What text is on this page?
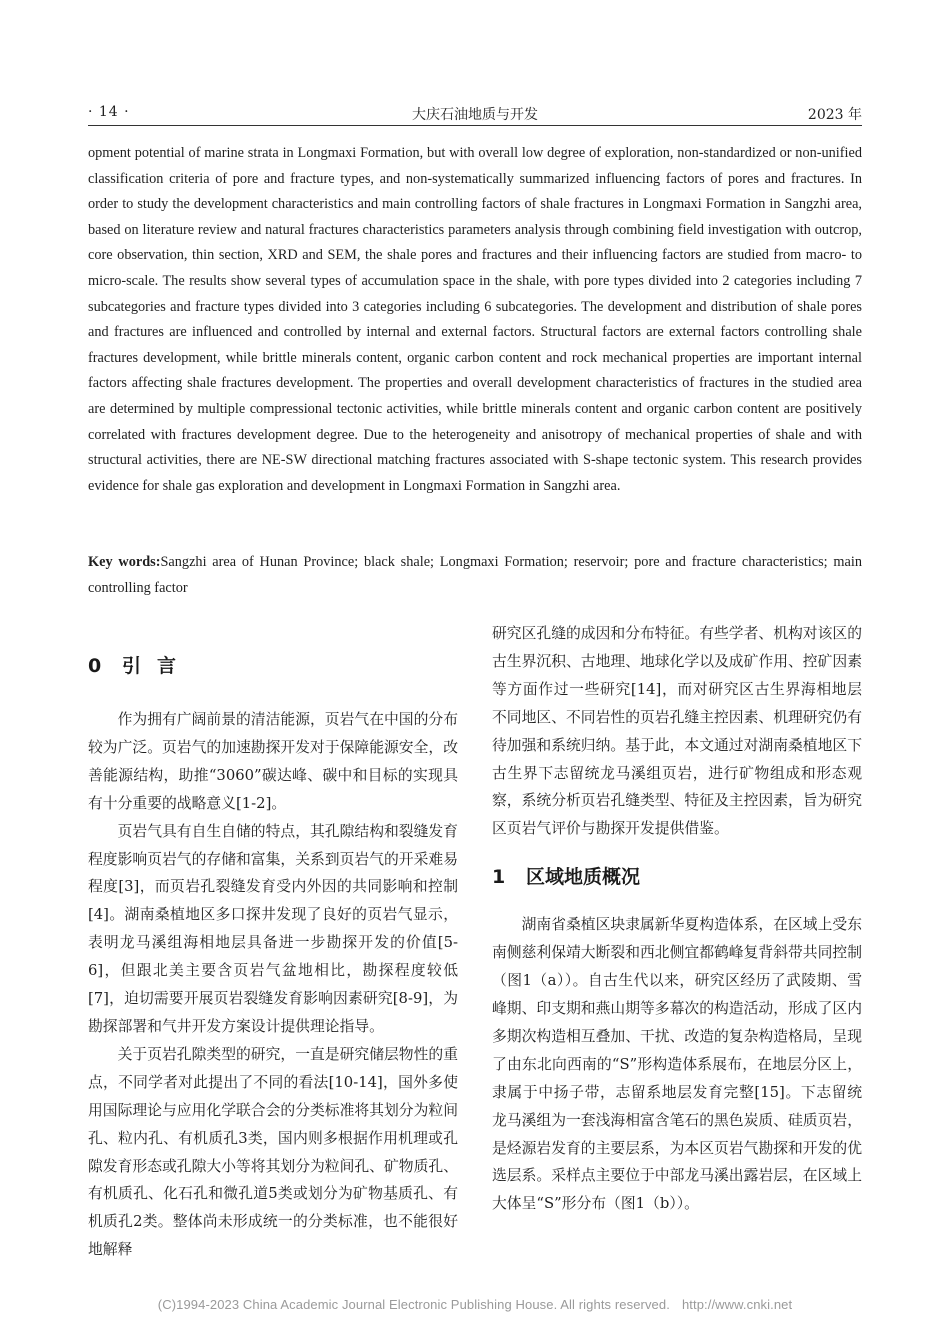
· 14 ·	大庆石油地质与开发	2023 年
opment potential of marine strata in Longmaxi Formation, but with overall low degree of exploration, non-standardized or non-unified classification criteria of pore and fracture types, and non-systematically summarized influencing factors of pores and fractures. In order to study the development characteristics and main controlling factors of shale fractures in Longmaxi Formation in Sangzhi area, based on literature review and natural fractures characteristics parameters analysis through combining field investigation with outcrop, core observation, thin section, XRD and SEM, the shale pores and fractures and their influencing factors are studied from macro- to micro-scale. The results show several types of accumulation space in the shale, with pore types divided into 2 categories including 7 subcategories and fracture types divided into 3 categories including 6 subcategories. The development and distribution of shale pores and fractures are influenced and controlled by internal and external factors. Structural factors are external factors controlling shale fractures development, while brittle minerals content, organic carbon content and rock mechanical properties are important internal factors affecting shale fractures development. The properties and overall development characteristics of fractures in the studied area are determined by multiple compressional tectonic activities, while brittle minerals content and organic carbon content are positively correlated with fractures development degree. Due to the heterogeneity and anisotropy of mechanical properties of shale and with structural activities, there are NE-SW directional matching fractures associated with S-shape tectonic system. This research provides evidence for shale gas exploration and development in Longmaxi Formation in Sangzhi area.
Key words:Sangzhi area of Hunan Province; black shale; Longmaxi Formation; reservoir; pore and fracture characteristics; main controlling factor
0 引言

作为拥有广阔前景的清洁能源，页岩气在中国的分布较为广泛。页岩气的加速勘探开发对于保障能源安全，改善能源结构，助推“3060”碳达峰、碳中和目标的实现具有十分重要的战略意义[1-2]。

页岩气具有自生自储的特点，其孔隙结构和裂缝发育程度影响页岩气的存储和富集，关系到页岩气的开采难易程度[3]，而页岩孔裂缝发育受内外因的共同影响和控制[4]。湖南桑植地区多口探井发现了良好的页岩气显示，表明龙马溪组海相地层具备进一步勘探开发的价值[5-6]，但跟北美主要含页岩气盆地相比，勘探程度较低[7]，迫切需要开展页岩裂缝发育影响因素研究[8-9]，为勘探部署和气井开发方案设计提供理论指导。

关于页岩孔隙类型的研究，一直是研究储层物性的重点，不同学者对此提出了不同的看法[10-14]，国外多使用国际理论与应用化学联合会的分类标准将其划分为粒间孔、粒内孔、有机质孔3类，国内则多根据作用机理或孔隙发育形态或孔隙大小等将其划分为粒间孔、矿物质孔、有机质孔、化石孔和微孔道5类或划分为矿物基质孔、有机质孔2类。整体尚未形成统一的分类标准，也不能很好地解释

研究区孔缝的成因和分布特征。有些学者、机构对该区的古生界沉积、古地理、地球化学以及成矿作用、控矿因素等方面作过一些研究[14]，而对研究区古生界海相地层不同地区、不同岩性的页岩孔缝主控因素、机理研究仍有待加强和系统归纳。基于此，本文通过对湖南桑植地区下古生界下志留统龙马溪组页岩，进行矿物组成和形态观察，系统分析页岩孔缝类型、特征及主控因素，旨为研究区页岩气评价与勘探开发提供借鉴。

1 区域地质概况

湖南省桑植区块隶属新华夏构造体系，在区域上受东南侧慈利保靖大断裂和西北侧宜都鹤峰复背斜带共同控制（图1（a））。自古生代以来，研究区经历了武陵期、雪峰期、印支期和燕山期等多幕次的构造活动，形成了区内多期次构造相互叠加、干扰、改造的复杂构造格局，呈现了由东北向西南的“S”形构造体系展布，在地层分区上，隶属于中扬子带，志留系地层发育完整[15]。下志留统龙马溪组为一套浅海相富含笔石的黑色炭质、硅质页岩，是烃源岩发育的主要层系，为本区页岩气勘探和开发的优选层系。采样点主要位于中部龙马溪出露岩层，在区域上大体呈“S”形分布（图1（b））。

(C)1994-2023 China Academic Journal Electronic Publishing House. All rights reserved. http://www.cnki.net
